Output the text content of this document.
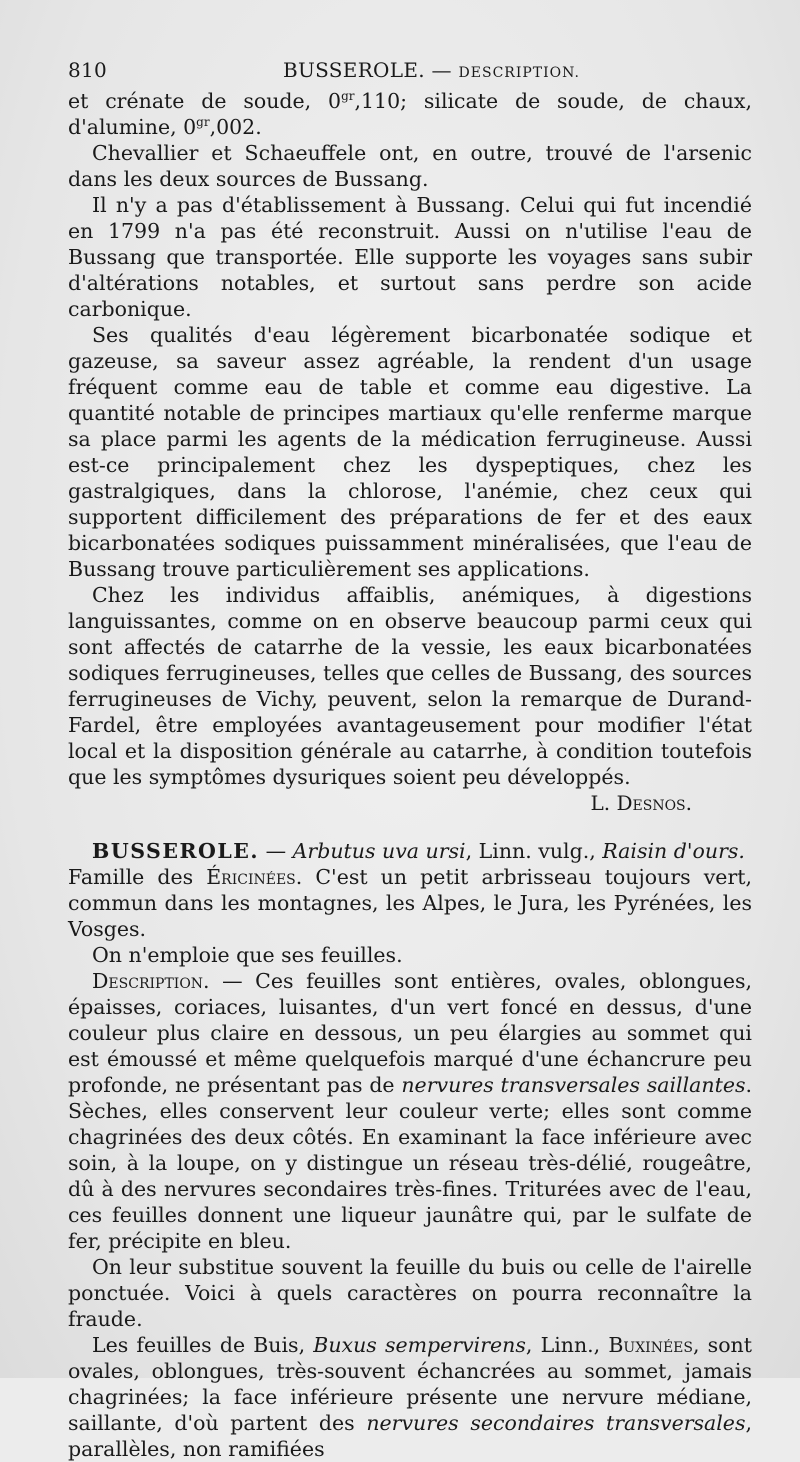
810	BUSSEROLE. — DESCRIPTION.

et crénate de soude, $0^{gr},110$; silicate de soude, de chaux, d'alumine, $0^{gr},002$.

Chevallier et Schaeuffele ont, en outre, trouvé de l'arsenic dans les deux sources de Bussang.

Il n'y a pas d'établissement à Bussang. Celui qui fut incendié en 1799 n'a pas été reconstruit. Aussi on n'utilise l'eau de Bussang que transportée. Elle supporte les voyages sans subir d'altérations notables, et surtout sans perdre son acide carbonique.

Ses qualités d'eau légèrement bicarbonatée sodique et gazeuse, sa saveur assez agréable, la rendent d'un usage fréquent comme eau de table et comme eau digestive. La quantité notable de principes martiaux qu'elle renferme marque sa place parmi les agents de la médication ferrugineuse. Aussi est-ce principalement chez les dyspeptiques, chez les gastralgiques, dans la chlorose, l'anémie, chez ceux qui supportent difficilement des préparations de fer et des eaux bicarbonatées sodiques puissamment minéralisées, que l'eau de Bussang trouve particulièrement ses applications.

Chez les individus affaiblis, anémiques, à digestions languissantes, comme on en observe beaucoup parmi ceux qui sont affectés de catarrhe de la vessie, les eaux bicarbonatées sodiques ferrugineuses, telles que celles de Bussang, des sources ferrugineuses de Vichy, peuvent, selon la remarque de Durand-Fardel, être employées avantageusement pour modifier l'état local et la disposition générale au catarrhe, à condition toutefois que les symptômes dysuriques soient peu développés.

L. Desnos.

BUSSEROLE. — Arbutus uva ursi, Linn. vulg., Raisin d'ours.

Famille des Éricinées. C'est un petit arbrisseau toujours vert, commun dans les montagnes, les Alpes, le Jura, les Pyrénées, les Vosges.

On n'emploie que ses feuilles.

Description. — Ces feuilles sont entières, ovales, oblongues, épaisses, coriaces, luisantes, d'un vert foncé en dessus, d'une couleur plus claire en dessous, un peu élargies au sommet qui est émoussé et même quelquefois marqué d'une échancrure peu profonde, ne présentant pas de nervures transversales saillantes. Sèches, elles conservent leur couleur verte; elles sont comme chagrinées des deux côtés. En examinant la face inférieure avec soin, à la loupe, on y distingue un réseau très-délié, rougeâtre, dû à des nervures secondaires très-fines. Triturées avec de l'eau, ces feuilles donnent une liqueur jaunâtre qui, par le sulfate de fer, précipite en bleu.

On leur substitue souvent la feuille du buis ou celle de l'airelle ponctuée. Voici à quels caractères on pourra reconnaître la fraude.

Les feuilles de Buis, Buxus sempervirens, Linn., Buxinées, sont ovales, oblongues, très-souvent échancrées au sommet, jamais chagrinées; la face inférieure présente une nervure médiane, saillante, d'où partent des nervures secondaires transversales, parallèles, non ramifiées
